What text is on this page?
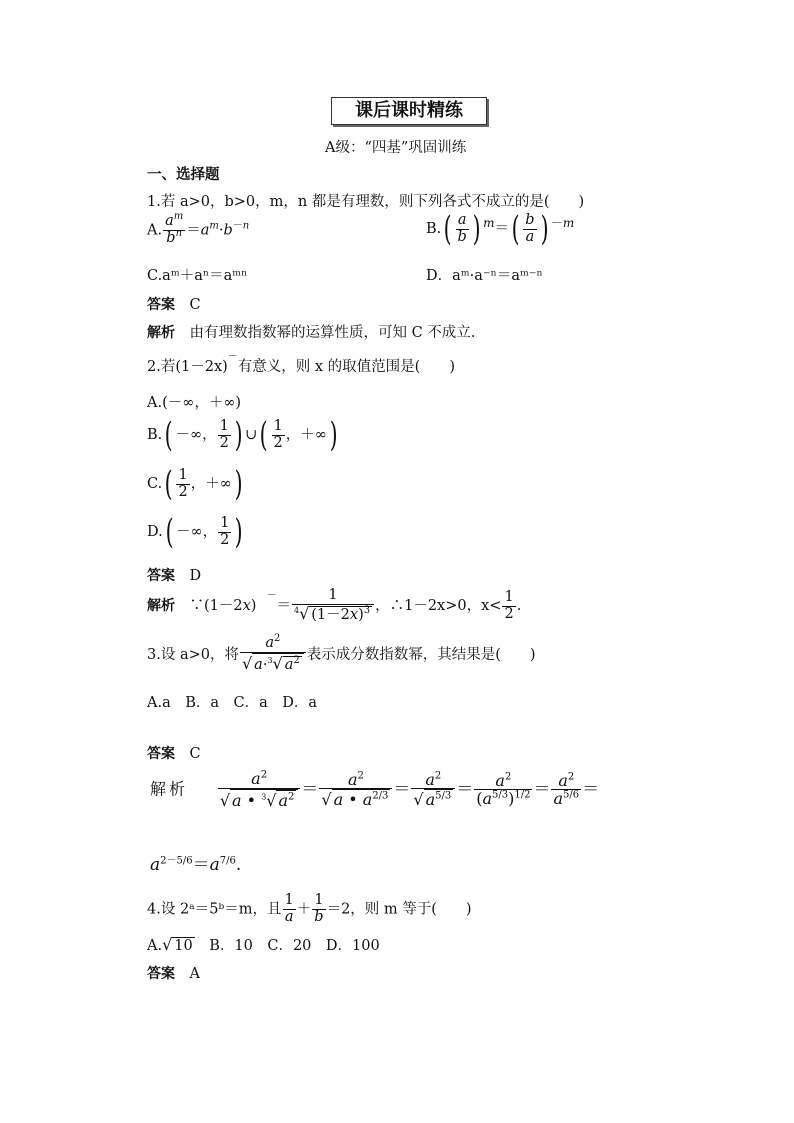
课后课时精练
A级：“四基”巩固训练
一、选择题
1.若 a>0，b>0，m，n 都是有理数，则下列各式不成立的是(　　)
A. $\frac{a^m}{b^n} =a^m\cdot b^{-n}$	$B.( \frac{a}{b}$ ) $^m=( \frac{b}{a}$ ) $^{-m}$
C.aᵐ＋aⁿ＝aᵐⁿ	D．aᵐ·a⁻ⁿ＝aᵐ⁻ⁿ
答案　 C
解析　 由有理数指数幂的运算性质，可知 C 不成立.
2.若(1－2x)－有意义，则 x 的取值范围是(　　)
A.(－∞，＋∞)
B.( －∞， $\frac{1}{2}$ ) ∪( $\frac{1}{2}$ ，＋∞)
$C.( \frac{1}{2}$ ，＋∞)
D.( －∞， $\frac{1}{2}$ )
答案　 D
解析　∵(1－2x)　$^-= \frac{1}{^4√ (1-2x)^3}$ ，∴1－2x>0，$x< \frac{1}{2}$ .
3.设 a>0，将 $\frac{a^2}{√ a\cdot^3√ a^2}$ 表示成分数指数幂，其结果是(　　)
A.a　B．a　C．a　D．a
答案　 C
解析 $\frac{a^2}{√ a • ^3√ a^2} = \frac{a^2}{√ a • a^{2/3}} = \frac{a^2}{√ a^{5/3}} = \frac{a^2}{(a^{5/3})^{1/2}} = \frac{a^2}{a^{5/6}}$ ＝
$a^{2-5/6}=a^{7/6}$.
4.设 2ᵃ＝5ᵇ＝m，且 $\frac{1}{a} + \frac{1}{b} =2$，则 m 等于(　　)
A.√ 10　 B．10　C．20　D．100
答案　 A
